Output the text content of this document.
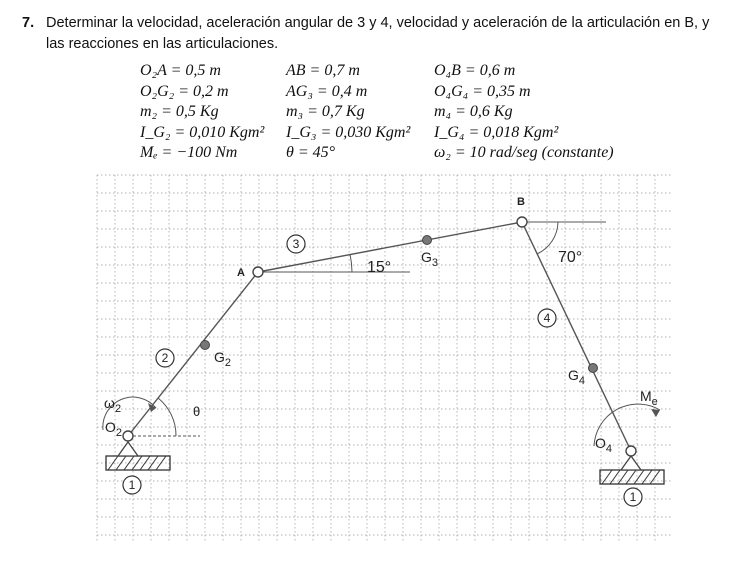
7. Determinar la velocidad, aceleración angular de 3 y 4, velocidad y aceleración de la articulación en B, y
las reacciones en las articulaciones.
O₂A = 0,5 m	AB = 0,7 m	O₄B = 0,6 m
O₂G₂ = 0,2 m	AG₃ = 0,4 m	O₄G₄ = 0,35 m
m₂ = 0,5 Kg	m₃ = 0,7 Kg	m₄ = 0,6 Kg
I_G₂ = 0,010 Kgm²	I_G₃ = 0,030 Kgm²	I_G₄ = 0,018 Kgm²
Mₑ = −100 Nm	θ = 45°	ω₂ = 10 rad/seg (constante)
1
1
2
3
4
A
B
$G_2$
$G_3$
$G_4$
$O_2$
$O_4$
$\omega_2$	θ
$M_e$
15°
70°
